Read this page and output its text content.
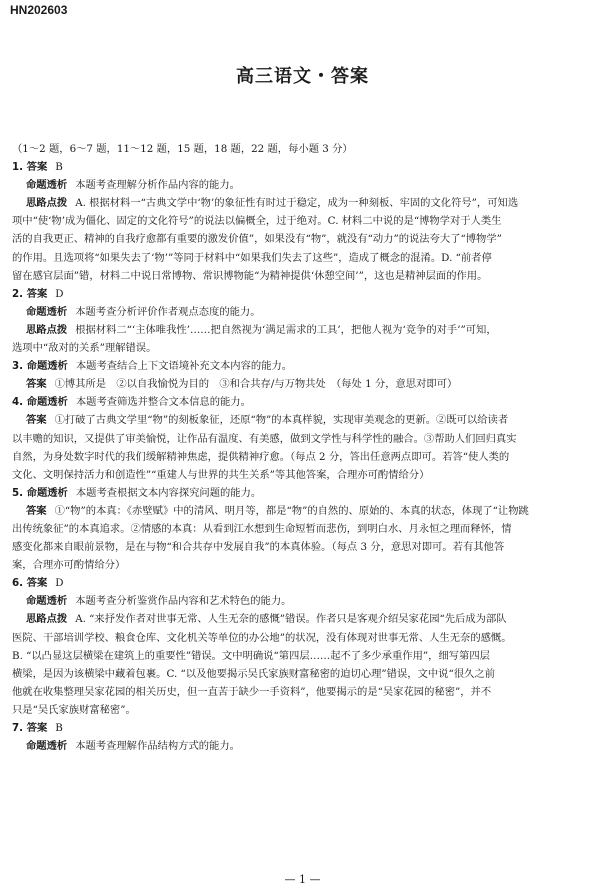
HN202603
高三语文・答案
（1～2 题，6～7 题，11～12 题，15 题，18 题，22 题，每小题 3 分）
1. 答案 B
命题透析 本题考查理解分析作品内容的能力。
思路点拨 A. 根据材料一“古典文学中‘物’的象征性有时过于稳定，成为一种刻板、牢固的文化符号”，可知选
项中“使‘物’成为僵化、固定的文化符号”的说法以偏概全，过于绝对。C. 材料二中说的是“博物学对于人类生
活的自我更正、精神的自我疗愈都有重要的激发价值”，如果没有“物”，就没有“动力”的说法夸大了“博物学”
的作用。且选项将“如果失去了‘物’”等同于材料中“如果我们失去了这些”，造成了概念的混淆。D. “前者停
留在感官层面”错，材料二中说日常博物、常识博物能“为精神提供‘休憩空间’”，这也是精神层面的作用。
2. 答案 D
命题透析 本题考查分析评价作者观点态度的能力。
思路点拨 根据材料二“‘主体唯我性’……把自然视为‘满足需求的工具’，把他人视为‘竞争的对手’”可知，
选项中“敌对的关系”理解错误。
3. 命题透析 本题考查结合上下文语境补充文本内容的能力。
答案 ①博其所是　②以自我愉悦为目的　③和合共存/与万物共处　（每处 1 分，意思对即可）
4. 命题透析 本题考查筛选并整合文本信息的能力。
答案 ①打破了古典文学里“物”的刻板象征，还原“物”的本真样貌，实现审美观念的更新。②既可以给读者
以丰赡的知识，又提供了审美愉悦，让作品有温度、有美感，做到文学性与科学性的融合。③帮助人们回归真实
自然，为身处数字时代的我们缓解精神焦虑，提供精神疗愈。（每点 2 分，答出任意两点即可。若答“使人类的
文化、文明保持活力和创造性”“重建人与世界的共生关系”等其他答案，合理亦可酌情给分）
5. 命题透析 本题考查根据文本内容探究问题的能力。
答案 ①“物”的本真：《赤壁赋》中的清风、明月等，都是“物”的自然的、原始的、本真的状态，体现了“让物跳
出传统象征”的本真追求。②情感的本真：从看到江水想到生命短暂而悲伤，到明白水、月永恒之理而释怀，情
感变化都来自眼前景物，是在与物“和合共存中发展自我”的本真体验。（每点 3 分，意思对即可。若有其他答
案，合理亦可酌情给分）
6. 答案 D
命题透析 本题考查分析鉴赏作品内容和艺术特色的能力。
思路点拨 A. “来抒发作者对世事无常、人生无奈的感慨”错误。作者只是客观介绍吴家花园“先后成为部队
医院、干部培训学校、粮食仓库、文化机关等单位的办公地”的状况，没有体现对世事无常、人生无奈的感慨。
B. “以凸显这层横梁在建筑上的重要性”错误。文中明确说“第四层……起不了多少承重作用”，细写第四层
横梁，是因为该横梁中藏着包裹。C. “以及他要揭示吴氏家族财富秘密的迫切心理”错误，文中说“很久之前
他就在收集整理吴家花园的相关历史，但一直苦于缺少一手资料”，他要揭示的是“吴家花园的秘密”，并不
只是“吴氏家族财富秘密”。
7. 答案 B
命题透析 本题考查理解作品结构方式的能力。
— 1 —
